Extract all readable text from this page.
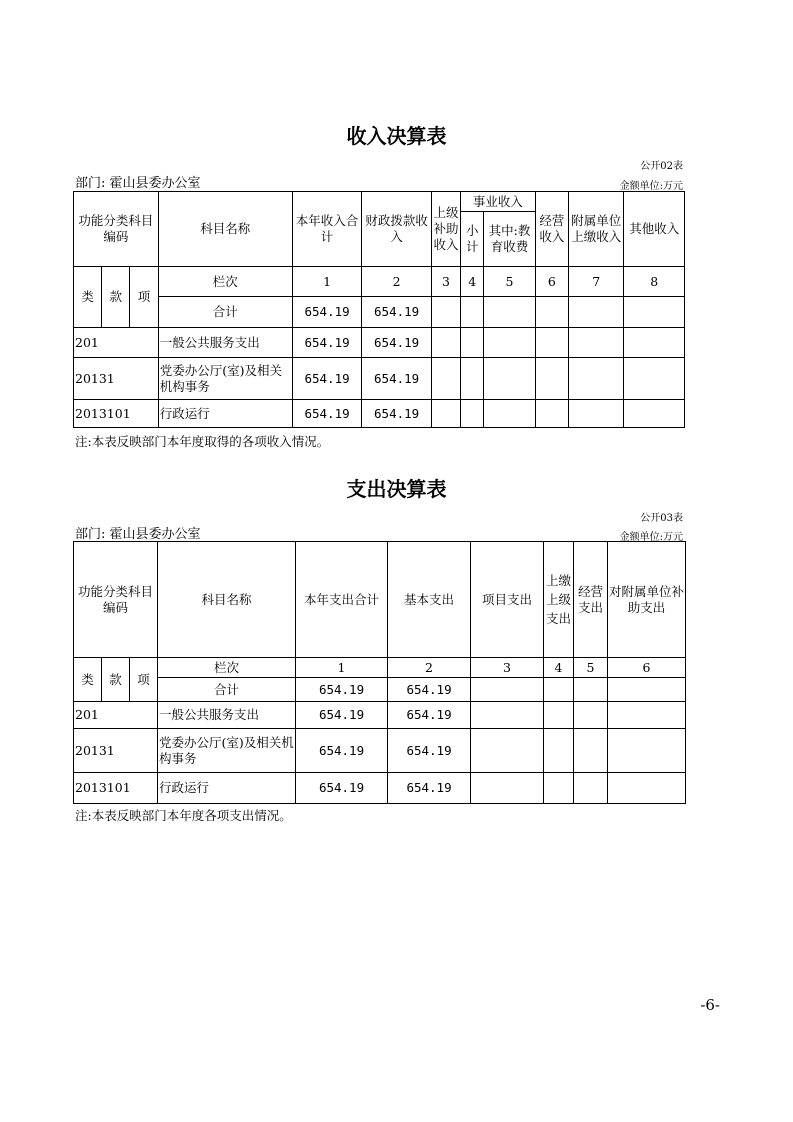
收入决算表
公开02表
部门: 霍山县委办公室	金额单位:万元
功能分类科目编码			科目名称	本年收入合计	财政拨款收入	上级补助收入	事业收入		经营收入	附属单位上缴收入	其他收入
							小计	其中:教育收费			
类	款	项	栏次	1	2	3	4	5	6	7	8
			合计	654.19	654.19						
201			一般公共服务支出	654.19	654.19						
20131			党委办公厅(室)及相关机构事务	654.19	654.19						
2013101			行政运行	654.19	654.19						
注:本表反映部门本年度取得的各项收入情况。
支出决算表
公开03表
部门: 霍山县委办公室	金额单位:万元
功能分类科目编码			科目名称	本年支出合计	基本支出	项目支出	上缴上级支出	经营支出	对附属单位补助支出
类	款	项	栏次	1	2	3	4	5	6
			合计	654.19	654.19				
201			一般公共服务支出	654.19	654.19				
20131			党委办公厅(室)及相关机构事务	654.19	654.19				
2013101			行政运行	654.19	654.19				
注:本表反映部门本年度各项支出情况。
-6-
